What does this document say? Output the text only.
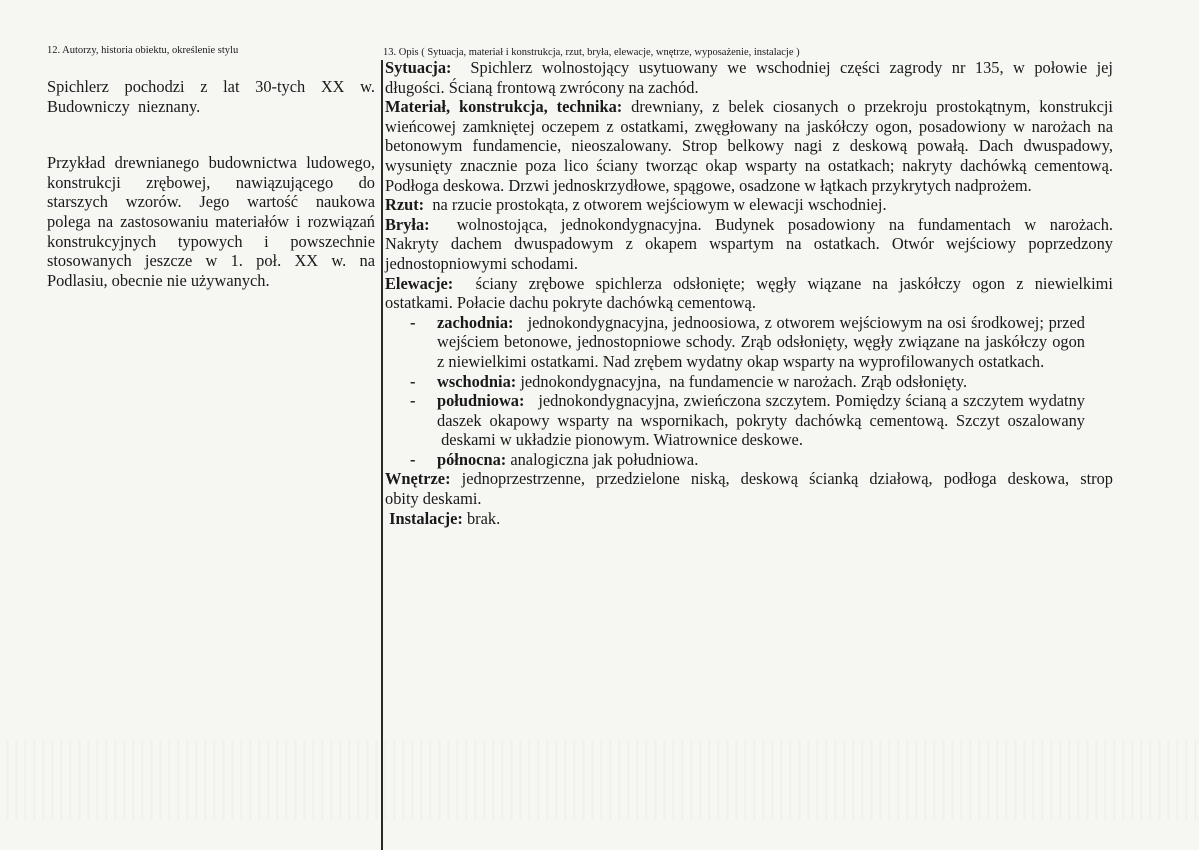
12. Autorzy, historia obiektu, określenie stylu	13. Opis ( Sytuacja, materiał i konstrukcja, rzut, bryła, elewacje, wnętrze, wyposażenie, instalacje )
Spichlerz pochodzi z lat 30-tych XX w.
Budowniczy  nieznany.
Przykład drewnianego budownictwa ludowego,
konstrukcji zrębowej, nawiązującego do
starszych wzorów. Jego wartość naukowa
polega na zastosowaniu materiałów i rozwiązań
konstrukcyjnych typowych i powszechnie
stosowanych jeszcze w 1. poł. XX w. na
Podlasiu, obecnie nie używanych.
Sytuacja:  Spichlerz wolnostojący usytuowany we wschodniej części zagrody nr 135, w połowie jej
długości. Ścianą frontową zwrócony na zachód.
Materiał, konstrukcja, technika: drewniany, z belek ciosanych o przekroju prostokątnym, konstrukcji
wieńcowej zamkniętej oczepem z ostatkami, zwęgłowany na jaskółczy ogon, posadowiony w narożach na
betonowym fundamencie, nieoszalowany. Strop belkowy nagi z deskową powałą. Dach dwuspadowy,
wysunięty znacznie poza lico ściany tworząc okap wsparty na ostatkach; nakryty dachówką cementową.
Podłoga deskowa. Drzwi jednoskrzydłowe, spągowe, osadzone w łątkach przykrytych nadprożem.
Rzut:  na rzucie prostokąta, z otworem wejściowym w elewacji wschodniej.
Bryła:  wolnostojąca, jednokondygnacyjna. Budynek posadowiony na fundamentach w narożach.
Nakryty dachem dwuspadowym z okapem wspartym na ostatkach. Otwór wejściowy poprzedzony
jednostopniowymi schodami.
Elewacje:  ściany zrębowe spichlerza odsłonięte; węgły wiązane na jaskółczy ogon z niewielkimi
ostatkami. Połacie dachu pokryte dachówką cementową.
- zachodnia:   jednokondygnacyjna, jednoosiowa, z otworem wejściowym na osi środkowej; przed
wejściem betonowe, jednostopniowe schody. Zrąb odsłonięty, węgły związane na jaskółczy ogon
z niewielkimi ostatkami. Nad zrębem wydatny okap wsparty na wyprofilowanych ostatkach.
- wschodnia: jednokondygnacyjna,  na fundamencie w narożach. Zrąb odsłonięty.
- południowa:   jednokondygnacyjna, zwieńczona szczytem. Pomiędzy ścianą a szczytem wydatny
daszek okapowy wsparty na wspornikach, pokryty dachówką cementową. Szczyt oszalowany
deskami w układzie pionowym. Wiatrownice deskowe.
- północna: analogiczna jak południowa.
Wnętrze: jednoprzestrzenne, przedzielone niską, deskową ścianką działową, podłoga deskowa, strop
obity deskami.
Instalacje: brak.
